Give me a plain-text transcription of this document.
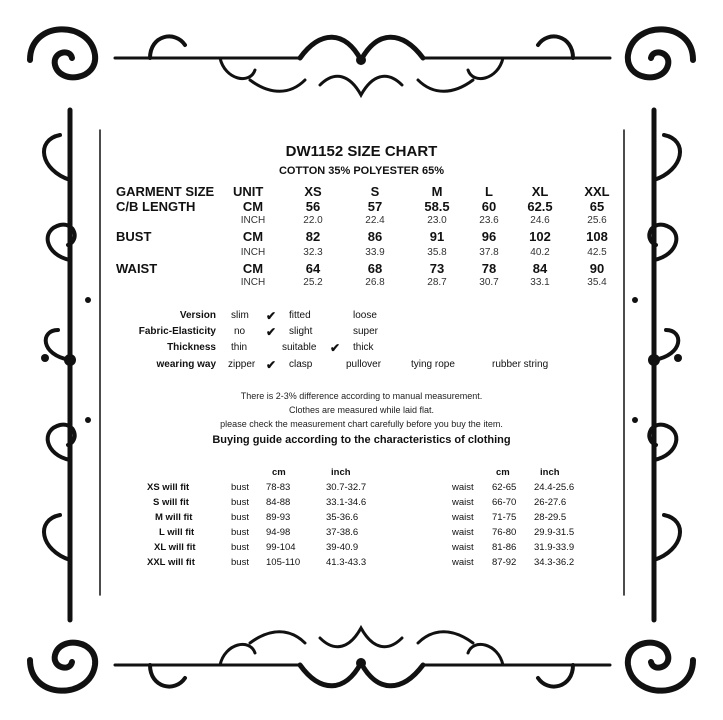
DW1152 SIZE CHART
COTTON 35% POLYESTER 65%
GARMENT SIZE UNIT	XS	S	M	L	XL	XXL
C/B LENGTH	CM	56	57	58.5	60	62.5	65
INCH	22.0	22.4	23.0	23.6	24.6	25.6
BUST	CM	82	86	91	96	102	108
INCH	32.3	33.9	35.8	37.8	40.2	42.5
WAIST	CM	64	68	73	78	84	90
INCH	25.2	26.8	28.7	30.7	33.1	35.4
Version slim ✔ fitted	loose
Fabric-Elasticity no ✔ slight	super
Thickness thin	suitable ✔ thick
wearing way zipper ✔ clasp	pullover	tying rope	rubber string
There is 2-3% difference according to manual measurement.
Clothes are measured while laid flat.
please check the measurement chart carefully before you buy the item.
Buying guide according to the characteristics of clothing
cm	inch	cm	inch
XS will fit	bust 78-83	30.7-32.7	waist 62-65 24.4-25.6
S will fit	bust 84-88	33.1-34.6	waist 66-70 26-27.6
M will fit	bust 89-93	35-36.6	waist 71-75 28-29.5
L will fit	bust 94-98	37-38.6	waist 76-80 29.9-31.5
XL will fit	bust 99-104	39-40.9	waist 81-86 31.9-33.9
XXL will fit	bust 105-110	41.3-43.3	waist 87-92 34.3-36.2
